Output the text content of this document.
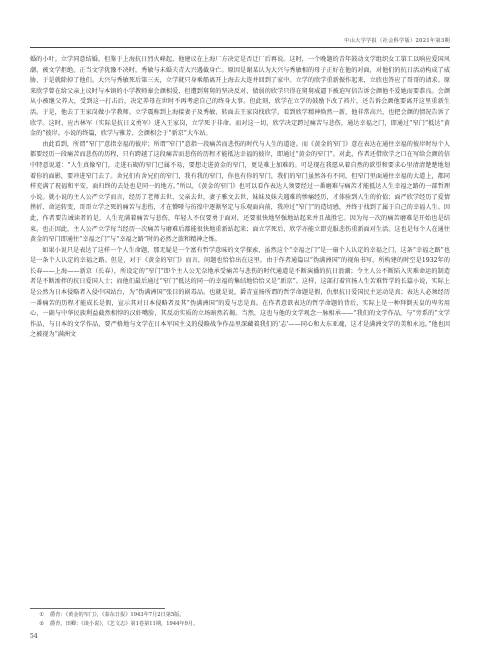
中山大学学报（社会科学版）2021年第3期

婚的小叶。立学同意结婚，但鉴于上海抗日烈火峰起，他建议在上海厂方决定是否迁厂后再说。这时，一个晚题的青年鼓动文学组织女工第工以响应爱国风潮，被文学拒绝。正当文学犹豫不决时，秀敏与未婚夫青大兴遇截身亡。原因是谢某认为大兴与秀敏相的母子正好在他的对面，对他们的抗日活动构成了威胁，于是就除掉了他们。大兴与秀敏死后第三天，立学就只身乘船离开上海去大连并回到了家中。立学的欣学重新振作起来，立欣也答应了哥哥的请求。原来欣学曾在给父亲上议时与本镇的小学教师秦会颜相爱，但遭到舅舅的坚决反对，猜弱的欣学只得在舅舅威逼下被迫写信告诉会颜他不爱她而要恭良。会颜从小被继父养大，受到这一打击后，决定养母在世时不再考虑自己的终身大事。但此刻，欣学在立学的鼓励下改了裆片，还告诉会颜他要离开这里重新生活。于是，他去了王家岗做小学教师。立学震称到上海接妻子及秀敏，转面去王家岗找欣学，看到欣学精神焕然一新，他非常高兴，也把会颜的情况告诉了欣学。这时，应古林军（实际是抗日义勇军）进入王家岗，立学死于非命。而对这一切，欣学决定跨过痛苦与悲伤，通达幸福之门，即通过“窄门”抵达“黄金的”彼岸。小说的终篇，欣学与雅芳、会颜相会于“新京”大车站。

由此看到，所谓“窄门”意指幸福的彼岸；所谓“窄门”意指一段痛苦而悲伤的时代与人生的道途。而《黄金的窄门》意在表达在通往幸福的彼岸时每个人都要经历一段痛苦而悲伤的历程，只有跨越了这段痛苦而悲伤的历程才能抵达幸福的彼岸，即通过“黄金的窄门”。对此，作者还借欣学之口在写给会颜的信中特意说道：“人生真像窄门，走进石砌的窄门已属不易，要想走进黄金的窄门，更是难上加难的。可是现在我愿从着自然的欲望和要求心里清清楚楚地划着你的面影，要冲进窄门去了。舍兄们有舍兄们的窄门，我有我的窄门，你也有你的窄门，我们的窄门虽然各有不同，但窄门里面通往幸福的大道上，都同样充满了祝福和平安，面归终的去处也是同一的地方。”所以，《黄金的窄门》也可以看作表达人须要经过一番磨难与痛苦才能抵达人生幸福之路的一部哲理小说。就小说的主人公严立学而言，经历了老师去世，父亲去世，妻子雅文去世，妹妹及妹夫遇难的惨痛经历，才体验到人生的价值；面严欣学经历了爱情挫折、命运转变，哥哥立学之死的痛苦与悲伤，才在懵哑与彷徨中逐渐坚定与乐观面向前，我冲过“窄门”的造切感，并终于找到了属于自己的幸福人生。因此，作者要告诫读者的是，人生充满着痛苦与悲伤，年轻人不仅要勇于面对，还要很快地坚强地站起来并且战胜它。因为每一次的痛苦磨难是开始也是结束。也正因此，主人公严立学每当经历一次痛苦与磨难后都能很快地重新站起来；面立学死后，欣学亦能立即克服悲伤重新面对生活。这也是每个人在通往黄金的窄门即通往“幸福之门”与“幸福之路”时的必然之旅和精神之炼。

如果小说只是表达了这样一个人生命题，那无疑是一个富有哲学意味的文学探索，虽然这个“幸福之门”是一扇个人认定的幸福之门，这条“幸福之路”也是一条个人认定的幸福之路。但是，对于《黄金的窄门》而言，问题也恰恰出在这里。由于作者通篇以“伪满洲国”的视角书写，所构建的时空是1932年的长春——上海——新京（长春），所设定的“窄门”即个主人公无奈地承受痛苦与悲伤的时代通道是不断演播的抗日浪潮；令主人公不断陷入灾难命运的制造者是不断渗拌的抗日爱国人士；而他们最后通过“窄门”抵达的同一的幸福的集结地恰恰又是“新京”。这样，这部打着官扬人生苦难哲学的长篇小说，实际上是公然为日本侵略者入侵中国站台，为“伪满洲国”张目的剧毒品。也就是说，爵青宣扬所谓的哲学命题是假，仇恨抗日爱国民主运动是真；表达人必须经历一番痛苦的历程才能成长是假，宣示其对日本侵略者及其“伪满洲国”的爱与忠是真。在作者意欲表达的哲学命题的背后，实际上是一种拜倒天皇的卑劣用心，一副与中华民族利益截然相悖的汉奸嘴脸，其反动实质的立场暗然若揭。当然，这也与他的文学观念一脉相承——“我们的文学作品，与“旁系的”文学作品，与日本的文学作品，要严格地与文学在日本军国主义的侵略战争作品里深藏着我们的‘志’——同心和大东亚魂，这才是满洲文学的美和永远。”他也因之被视为“满洲文

① 爵青：《黄金的窄门》，《泰东日报》1943年7月2日第5版。
② 爵青，田卿：《谈小说》，《艺文志》第1卷第11期，1944年9月。
54
